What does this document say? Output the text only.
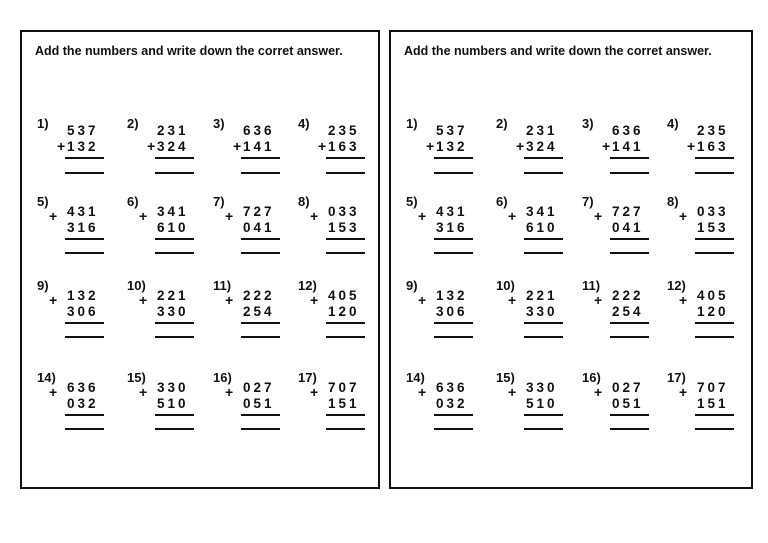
Add the numbers and write down the corret answer.
1)
+
537
132
2)
+
231
324
3)
+
636
141
4)
+
235
163
5)
+ 431
316
6)
+ 341
610
7)
+ 727
041
8)
+ 033
153
9)
+ 132
306
10)
+ 221
330
11)
+ 222
254
12)
+ 405
120
14)
+ 636
032
15)
+ 330
510
16)
+ 027
051
17)
+ 707
151
Add the numbers and write down the corret answer.
1)
+
537
132
2)
+
231
324
3)
+
636
141
4)
+
235
163
5)
+ 431
316
6)
+ 341
610
7)
+ 727
041
8)
+ 033
153
9)
+ 132
306
10)
+ 221
330
11)
+ 222
254
12)
+ 405
120
14)
+ 636
032
15)
+ 330
510
16)
+ 027
051
17)
+ 707
151
